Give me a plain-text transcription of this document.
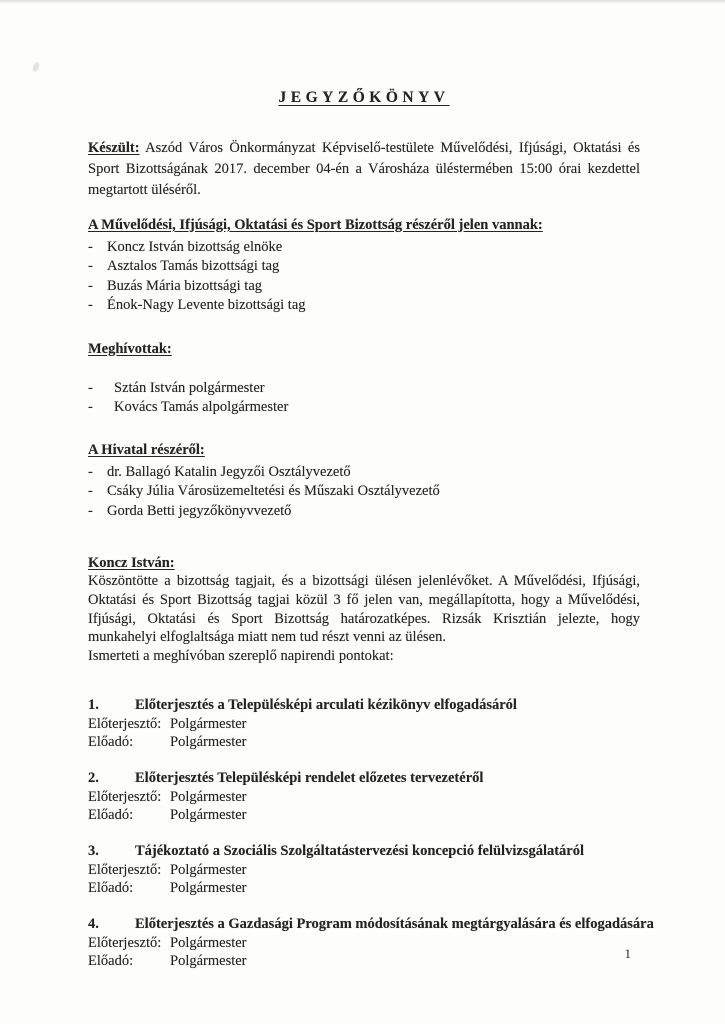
JEGYZŐKÖNYV

Készült: Aszód Város Önkormányzat Képviselő-testülete Művelődési, Ifjúsági, Oktatási és Sport Bizottságának 2017. december 04-én a Városháza üléstermében 15:00 órai kezdettel megtartott üléséről.

A Művelődési, Ifjúsági, Oktatási és Sport Bizottság részéről jelen vannak:
- Koncz István bizottság elnöke
- Asztalos Tamás bizottsági tag
- Buzás Mária bizottsági tag
- Énok-Nagy Levente bizottsági tag
Meghívottak:
-	Sztán István polgármester
-	Kovács Tamás alpolgármester
A Hivatal részéről:
- dr. Ballagó Katalin Jegyzői Osztályvezető
- Csáky Júlia Városüzemeltetési és Műszaki Osztályvezető
- Gorda Betti jegyzőkönyvvezető
Koncz István:

Köszöntötte a bizottság tagjait, és a bizottsági ülésen jelenlévőket. A Művelődési, Ifjúsági, Oktatási és Sport Bizottság tagjai közül 3 fő jelen van, megállapította, hogy a Művelődési, Ifjúsági, Oktatási és Sport Bizottság határozatképes. Rizsák Krisztián jelezte, hogy munkahelyi elfoglaltsága miatt nem tud részt venni az ülésen.

Ismerteti a meghívóban szereplő napirendi pontokat:

1.	Előterjesztés a Településképi arculati kézikönyv elfogadásáról
Előterjesztő: Polgármester
Előadó:	Polgármester
2.	Előterjesztés Településképi rendelet előzetes tervezetéről
Előterjesztő: Polgármester
Előadó:	Polgármester
3.	Tájékoztató a Szociális Szolgáltatástervezési koncepció felülvizsgálatáról
Előterjesztő: Polgármester
Előadó:	Polgármester
4.	Előterjesztés a Gazdasági Program módosításának megtárgyalására és elfogadására
Előterjesztő: Polgármester
Előadó:	Polgármester	1
